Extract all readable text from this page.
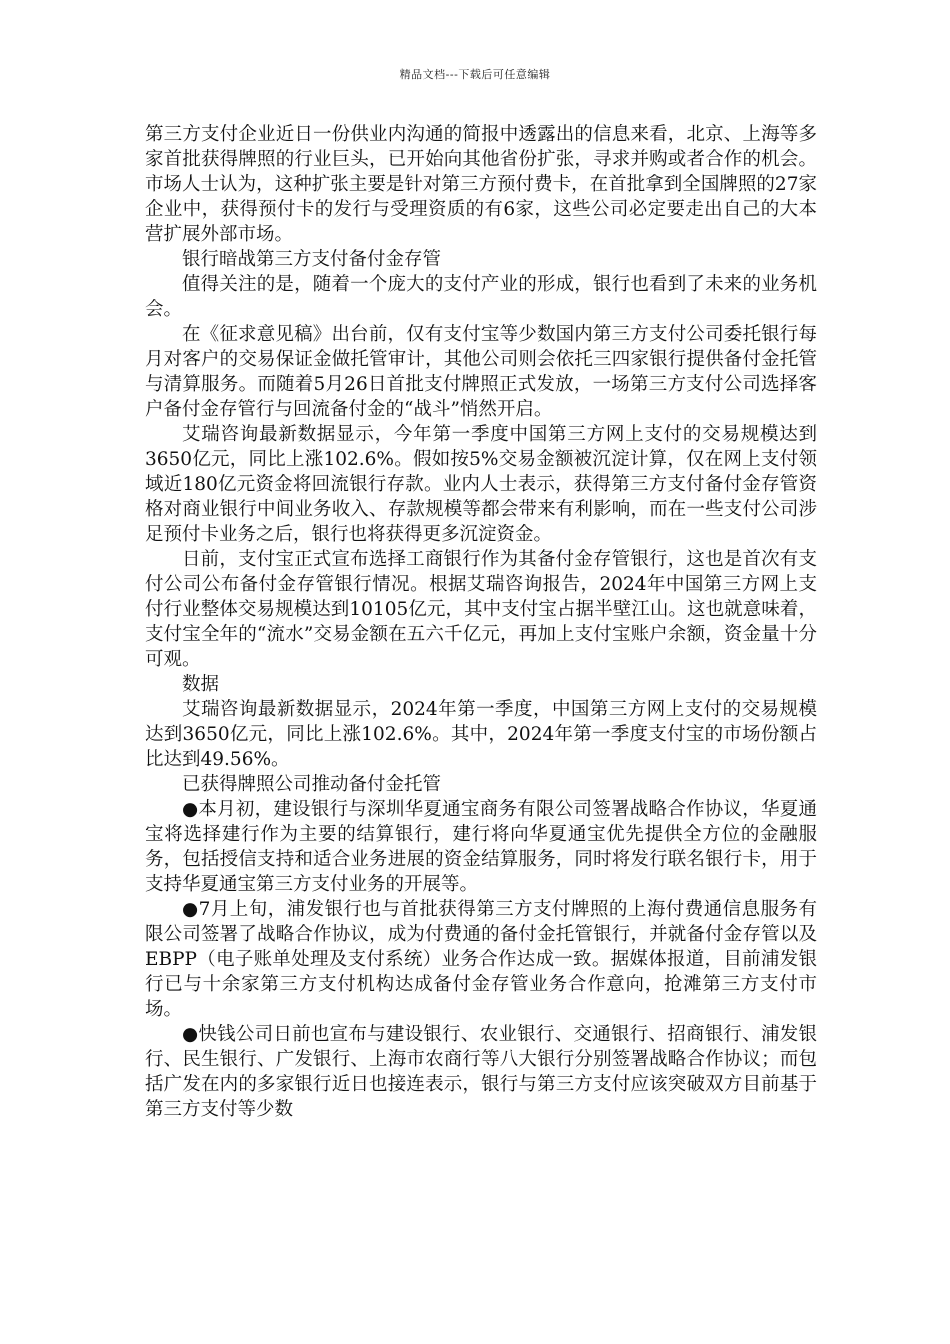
精品文档---下载后可任意编辑

第三方支付企业近日一份供业内沟通的简报中透露出的信息来看，北京、上海等多家首批获得牌照的行业巨头，已开始向其他省份扩张，寻求并购或者合作的机会。市场人士认为，这种扩张主要是针对第三方预付费卡，在首批拿到全国牌照的27家企业中，获得预付卡的发行与受理资质的有6家，这些公司必定要走出自己的大本营扩展外部市场。

银行暗战第三方支付备付金存管

值得关注的是，随着一个庞大的支付产业的形成，银行也看到了未来的业务机会。

在《征求意见稿》出台前，仅有支付宝等少数国内第三方支付公司委托银行每月对客户的交易保证金做托管审计，其他公司则会依托三四家银行提供备付金托管与清算服务。而随着5月26日首批支付牌照正式发放，一场第三方支付公司选择客户备付金存管行与回流备付金的“战斗”悄然开启。

艾瑞咨询最新数据显示，今年第一季度中国第三方网上支付的交易规模达到3650亿元，同比上涨102.6%。假如按5%交易金额被沉淀计算，仅在网上支付领域近180亿元资金将回流银行存款。业内人士表示，获得第三方支付备付金存管资格对商业银行中间业务收入、存款规模等都会带来有利影响，而在一些支付公司涉足预付卡业务之后，银行也将获得更多沉淀资金。

日前，支付宝正式宣布选择工商银行作为其备付金存管银行，这也是首次有支付公司公布备付金存管银行情况。根据艾瑞咨询报告，2024年中国第三方网上支付行业整体交易规模达到10105亿元，其中支付宝占据半壁江山。这也就意味着，支付宝全年的“流水”交易金额在五六千亿元，再加上支付宝账户余额，资金量十分可观。

数据

艾瑞咨询最新数据显示，2024年第一季度，中国第三方网上支付的交易规模达到3650亿元，同比上涨102.6%。其中，2024年第一季度支付宝的市场份额占比达到49.56%。

已获得牌照公司推动备付金托管

●本月初，建设银行与深圳华夏通宝商务有限公司签署战略合作协议，华夏通宝将选择建行作为主要的结算银行，建行将向华夏通宝优先提供全方位的金融服务，包括授信支持和适合业务进展的资金结算服务，同时将发行联名银行卡，用于支持华夏通宝第三方支付业务的开展等。

●7月上旬，浦发银行也与首批获得第三方支付牌照的上海付费通信息服务有限公司签署了战略合作协议，成为付费通的备付金托管银行，并就备付金存管以及EBPP（电子账单处理及支付系统）业务合作达成一致。据媒体报道，目前浦发银行已与十余家第三方支付机构达成备付金存管业务合作意向，抢滩第三方支付市场。

●快钱公司日前也宣布与建设银行、农业银行、交通银行、招商银行、浦发银行、民生银行、广发银行、上海市农商行等八大银行分别签署战略合作协议；而包括广发在内的多家银行近日也接连表示，银行与第三方支付应该突破双方目前基于第三方支付等少数
